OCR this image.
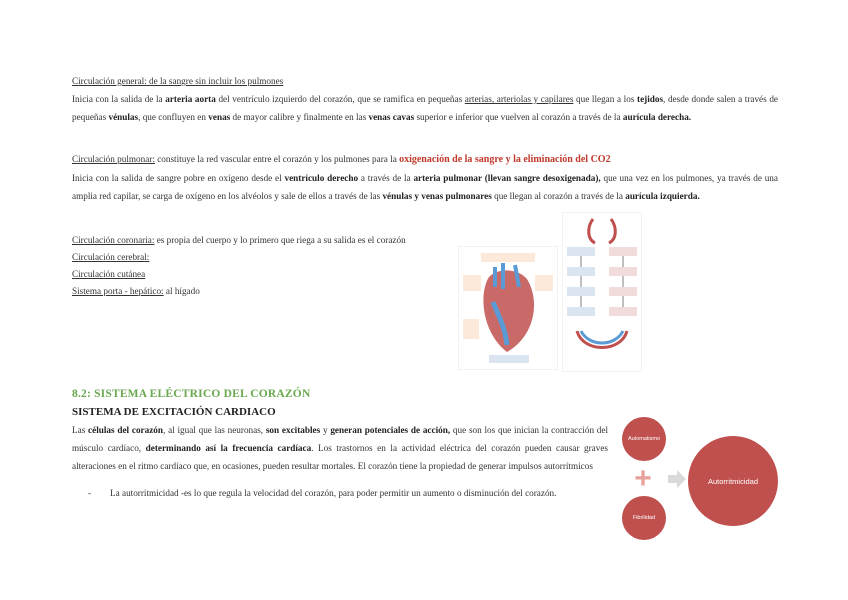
Circulación general: de la sangre sin incluir los pulmones
Inicia con la salida de la arteria aorta del ventrículo izquierdo del corazón, que se ramifica en pequeñas arterias, arteriolas y capilares que llegan a los tejidos, desde donde salen a través de pequeñas vénulas, que confluyen en venas de mayor calibre y finalmente en las venas cavas superior e inferior que vuelven al corazón a través de la aurícula derecha.
Circulación pulmonar: constituye la red vascular entre el corazón y los pulmones para la oxigenación de la sangre y la eliminación del CO2
Inicia con la salida de sangre pobre en oxígeno desde el ventrículo derecho a través de la arteria pulmonar (llevan sangre desoxigenada), que una vez en los pulmones, ya través de una amplia red capilar, se carga de oxígeno en los alvéolos y sale de ellos a través de las vénulas y venas pulmonares que llegan al corazón a través de la aurícula izquierda.
Circulación coronaria: es propia del cuerpo y lo primero que riega a su salida es el corazón
Circulación cerebral:
Circulación cutánea
Sistema porta - hepático: al hígado
8.2: SISTEMA ELÉCTRICO DEL CORAZÓN
SISTEMA DE EXCITACIÓN CARDIACO
Las células del corazón, al igual que las neuronas, son excitables y generan potenciales de acción, que son los que inician la contracción del músculo cardíaco, determinando así la frecuencia cardíaca. Los trastornos en la actividad eléctrica del corazón pueden causar graves alteraciones en el ritmo cardíaco que, en ocasiones, pueden resultar mortales. El corazón tiene la propiedad de generar impulsos autorrítmicos
- La autorritmicidad -es lo que regula la velocidad del corazón, para poder permitir un aumento o disminución del corazón.
Automatismo
Fibrilidad
+	Autorritmicidad
